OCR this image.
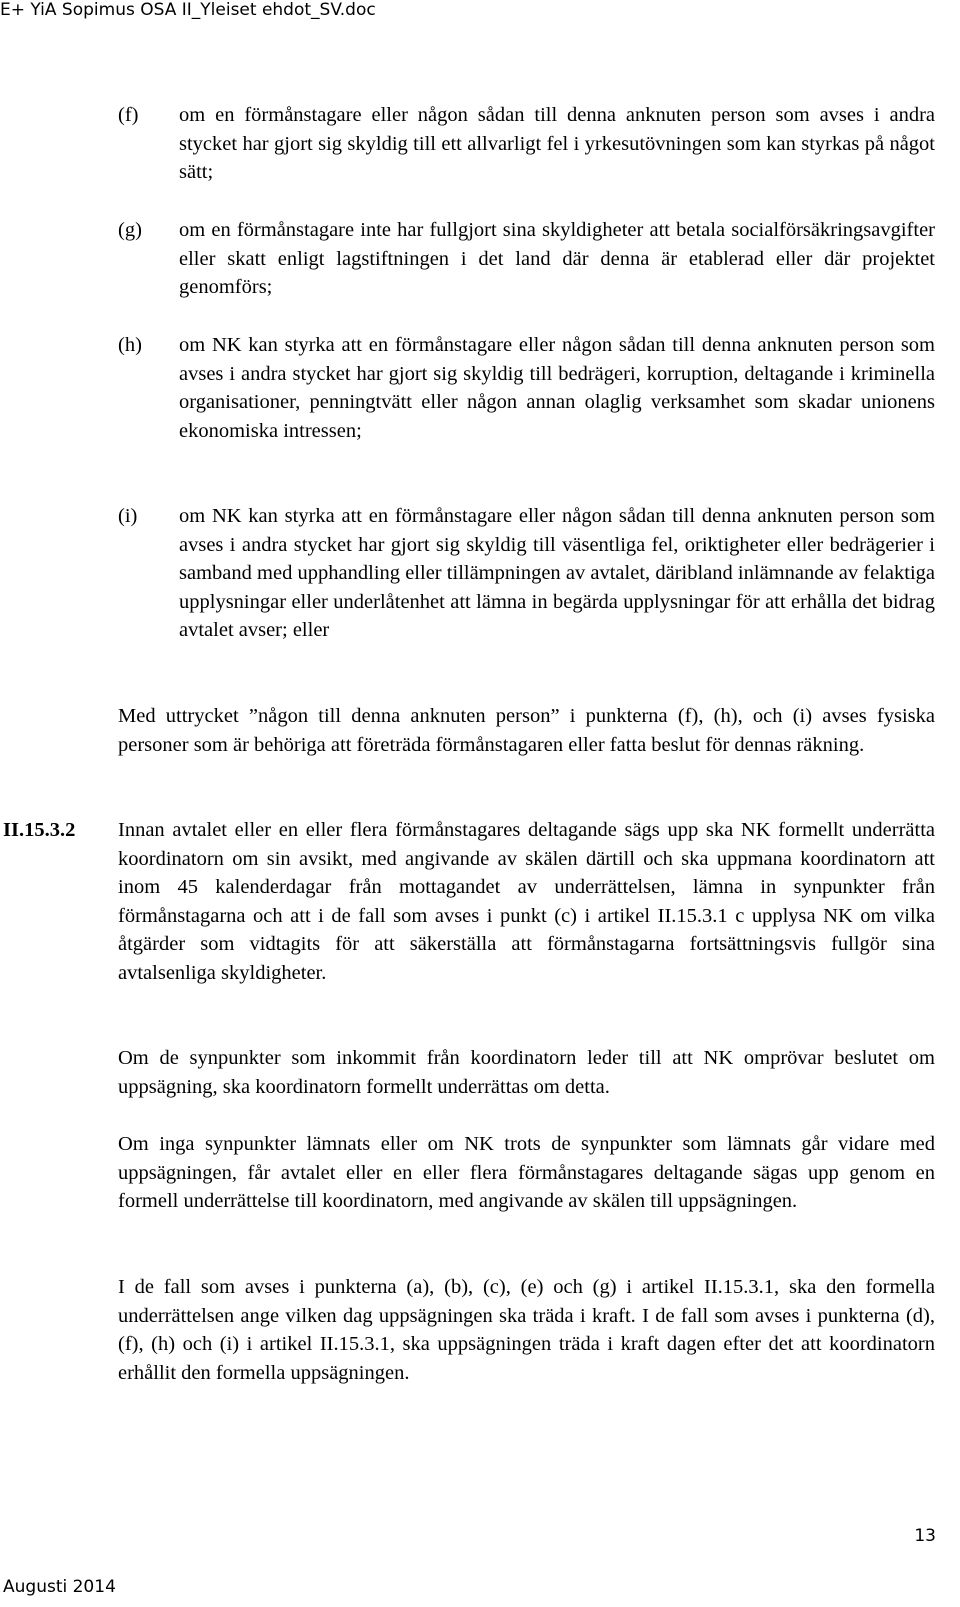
E+ YiA Sopimus OSA II_Yleiset ehdot_SV.doc
(f) om en förmånstagare eller någon sådan till denna anknuten person som avses i andra stycket har gjort sig skyldig till ett allvarligt fel i yrkesutövningen som kan styrkas på något sätt;
(g) om en förmånstagare inte har fullgjort sina skyldigheter att betala socialförsäkringsavgifter eller skatt enligt lagstiftningen i det land där denna är etablerad eller där projektet genomförs;
(h) om NK kan styrka att en förmånstagare eller någon sådan till denna anknuten person som avses i andra stycket har gjort sig skyldig till bedrägeri, korruption, deltagande i kriminella organisationer, penningtvätt eller någon annan olaglig verksamhet som skadar unionens ekonomiska intressen;
(i) om NK kan styrka att en förmånstagare eller någon sådan till denna anknuten person som avses i andra stycket har gjort sig skyldig till väsentliga fel, oriktigheter eller bedrägerier i samband med upphandling eller tillämpningen av avtalet, däribland inlämnande av felaktiga upplysningar eller underlåtenhet att lämna in begärda upplysningar för att erhålla det bidrag avtalet avser; eller
Med uttrycket ”någon till denna anknuten person” i punkterna (f), (h), och (i) avses fysiska personer som är behöriga att företräda förmånstagaren eller fatta beslut för dennas räkning.
II.15.3.2 Innan avtalet eller en eller flera förmånstagares deltagande sägs upp ska NK formellt underrätta koordinatorn om sin avsikt, med angivande av skälen därtill och ska uppmana koordinatorn att inom 45 kalenderdagar från mottagandet av underrättelsen, lämna in synpunkter från förmånstagarna och att i de fall som avses i punkt (c) i artikel II.15.3.1 c upplysa NK om vilka åtgärder som vidtagits för att säkerställa att förmånstagarna fortsättningsvis fullgör sina avtalsenliga skyldigheter.
Om de synpunkter som inkommit från koordinatorn leder till att NK omprövar beslutet om uppsägning, ska koordinatorn formellt underrättas om detta.
Om inga synpunkter lämnats eller om NK trots de synpunkter som lämnats går vidare med uppsägningen, får avtalet eller en eller flera förmånstagares deltagande sägas upp genom en formell underrättelse till koordinatorn, med angivande av skälen till uppsägningen.
I de fall som avses i punkterna (a), (b), (c), (e) och (g) i artikel II.15.3.1, ska den formella underrättelsen ange vilken dag uppsägningen ska träda i kraft. I de fall som avses i punkterna (d), (f), (h) och (i) i artikel II.15.3.1, ska uppsägningen träda i kraft dagen efter det att koordinatorn erhållit den formella uppsägningen.
13
Augusti 2014
